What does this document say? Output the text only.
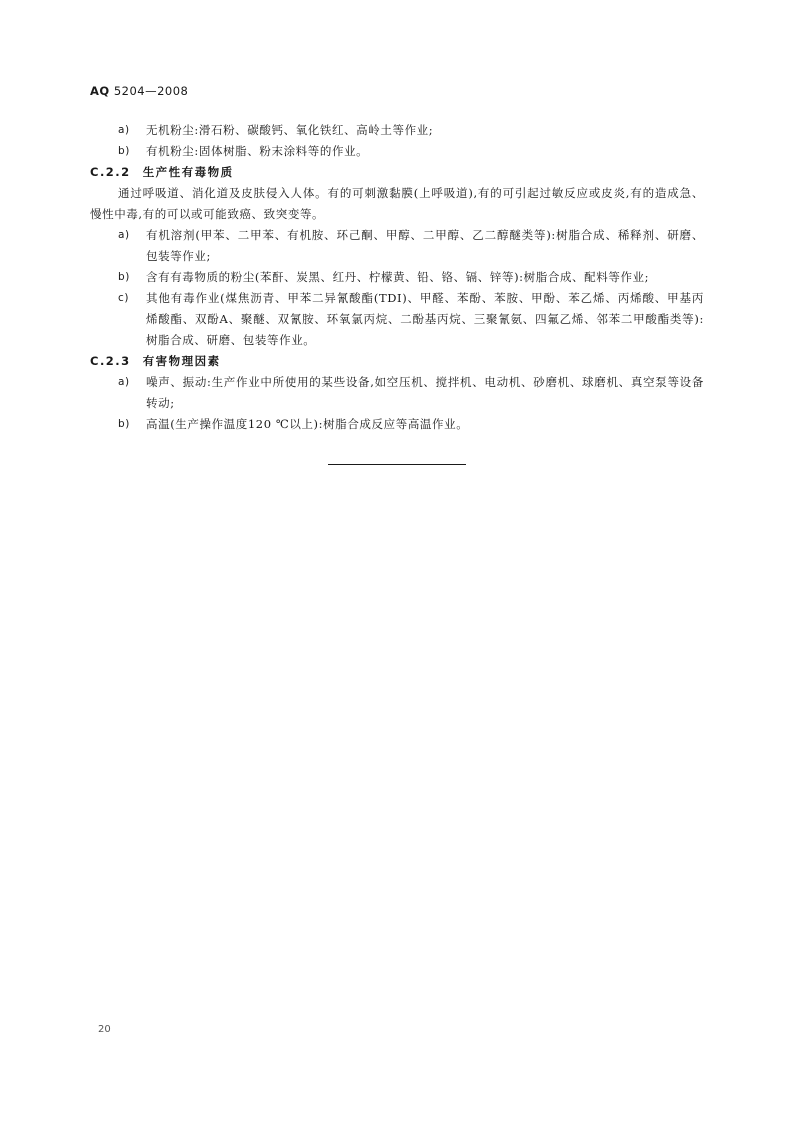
AQ 5204—2008
a) 无机粉尘:滑石粉、碳酸钙、氧化铁红、高岭土等作业;
b) 有机粉尘:固体树脂、粉末涂料等的作业。
C.2.2 生产性有毒物质
通过呼吸道、消化道及皮肤侵入人体。有的可刺激黏膜(上呼吸道),有的可引起过敏反应或皮炎,有的造成急、慢性中毒,有的可以或可能致癌、致突变等。
a) 有机溶剂(甲苯、二甲苯、有机胺、环己酮、甲醇、二甲醇、乙二醇醚类等):树脂合成、稀释剂、研磨、包装等作业;
b) 含有有毒物质的粉尘(苯酐、炭黑、红丹、柠檬黄、铅、铬、镉、锌等):树脂合成、配料等作业;
c) 其他有毒作业(煤焦沥青、甲苯二异氰酸酯(TDI)、甲醛、苯酚、苯胺、甲酚、苯乙烯、丙烯酸、甲基丙烯酸酯、双酚A、聚醚、双氰胺、环氧氯丙烷、二酚基丙烷、三聚氰氨、四氟乙烯、邻苯二甲酸酯类等):树脂合成、研磨、包装等作业。
C.2.3 有害物理因素
a) 噪声、振动:生产作业中所使用的某些设备,如空压机、搅拌机、电动机、砂磨机、球磨机、真空泵等设备转动;
b) 高温(生产操作温度120 ℃以上):树脂合成反应等高温作业。
20
